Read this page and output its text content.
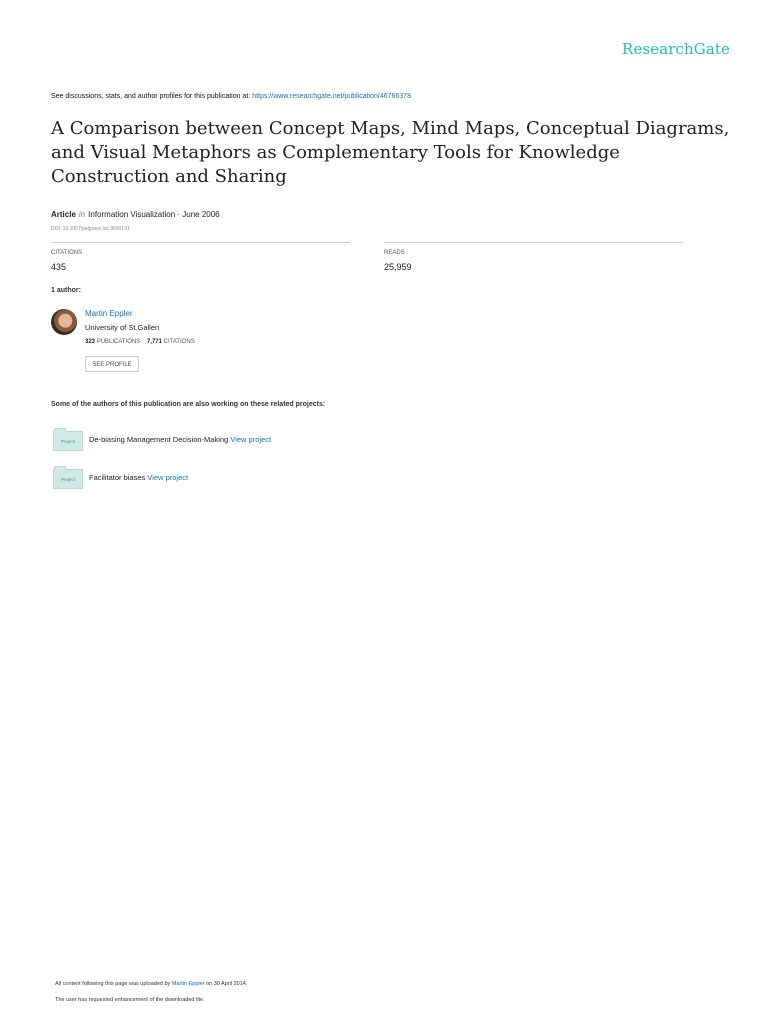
ResearchGate
See discussions, stats, and author profiles for this publication at: https://www.researchgate.net/publication/46766378
A Comparison between Concept Maps, Mind Maps, Conceptual Diagrams, and Visual Metaphors as Complementary Tools for Knowledge Construction and Sharing
Article in Information Visualization · June 2006
DOI: 10.1057/palgrave.ivs.9500131
CITATIONS
435
READS
25,959
1 author:
Martin Eppler
University of St.Gallen
323 PUBLICATIONS 7,771 CITATIONS
SEE PROFILE
Some of the authors of this publication are also working on these related projects:
Project	De-biasing Management Decision-Making View project
Project	Facilitator biases View project
All content following this page was uploaded by Martin Eppler on 30 April 2014.
The user has requested enhancement of the downloaded file.
